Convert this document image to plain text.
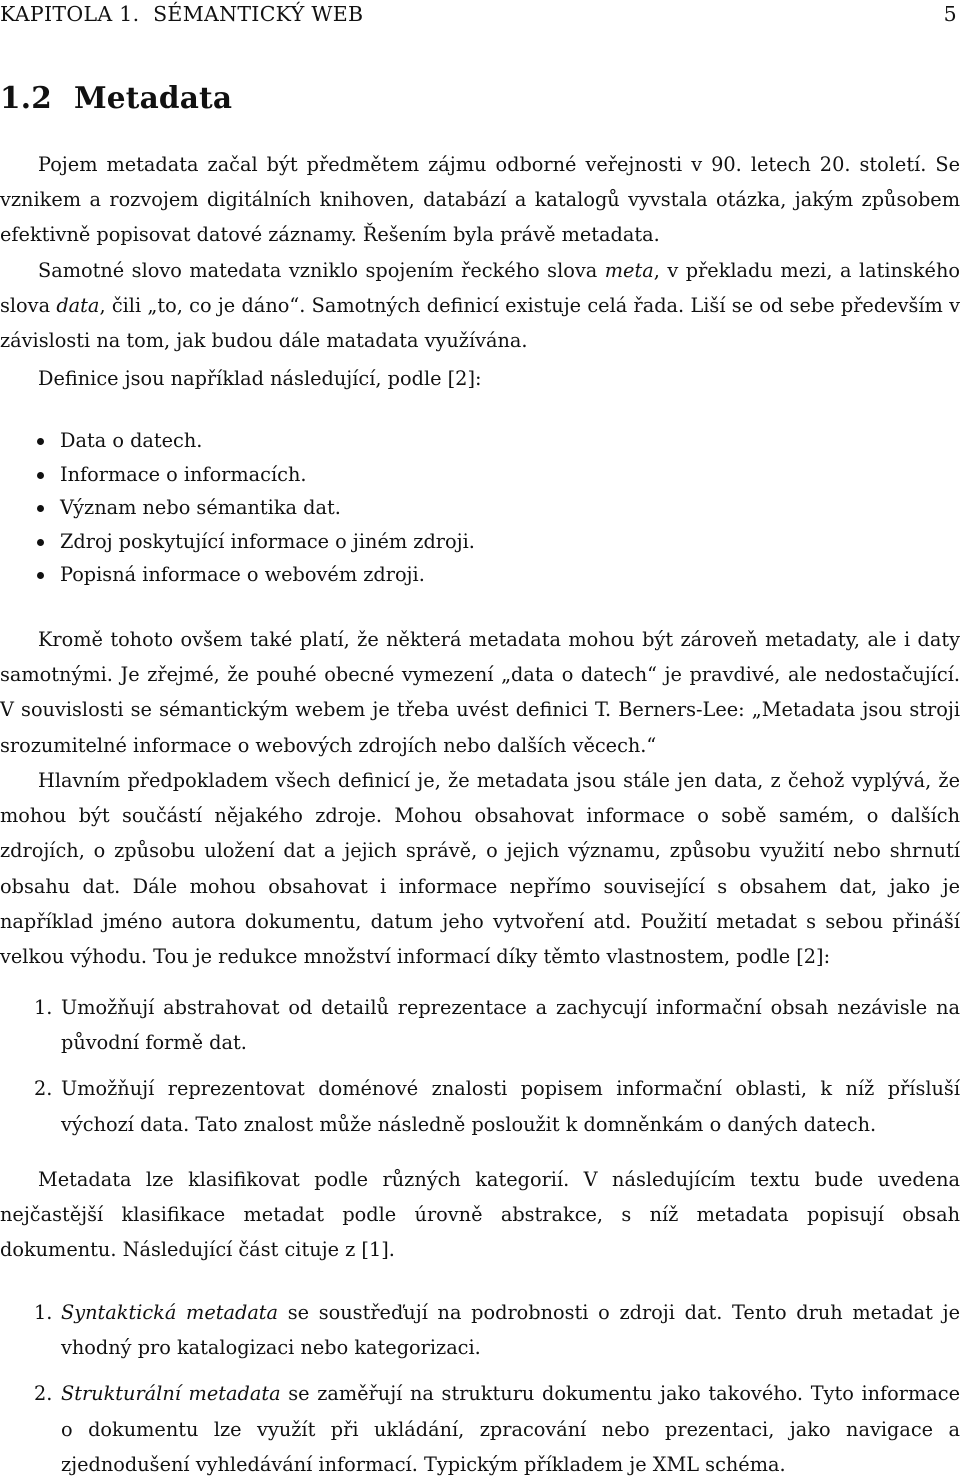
KAPITOLA 1.  SÉMANTICKÝ WEB	5
1.2 Metadata

Pojem metadata začal být předmětem zájmu odborné veřejnosti v 90. letech 20. století. Se vznikem a rozvojem digitálních knihoven, databází a katalogů vyvstala otázka, jakým způsobem efektivně popisovat datové záznamy. Řešením byla právě metadata.

Samotné slovo matedata vzniklo spojením řeckého slova meta, v překladu mezi, a latinského slova data, čili „to, co je dáno“. Samotných definicí existuje celá řada. Liší se od sebe především v závislosti na tom, jak budou dále matadata využívána.

Definice jsou například následující, podle [2]:

Data o datech.
Informace o informacích.
Význam nebo sémantika dat.
Zdroj poskytující informace o jiném zdroji.
Popisná informace o webovém zdroji.

Kromě tohoto ovšem také platí, že některá metadata mohou být zároveň metadaty, ale i daty samotnými. Je zřejmé, že pouhé obecné vymezení „data o datech“ je pravdivé, ale nedostačující. V souvislosti se sémantickým webem je třeba uvést definici T. Berners-Lee: „Metadata jsou stroji srozumitelné informace o webových zdrojích nebo dalších věcech.“

Hlavním předpokladem všech definicí je, že metadata jsou stále jen data, z čehož vyplývá, že mohou být součástí nějakého zdroje. Mohou obsahovat informace o sobě samém, o dalších zdrojích, o způsobu uložení dat a jejich správě, o jejich významu, způsobu využití nebo shrnutí obsahu dat. Dále mohou obsahovat i informace nepřímo související s obsahem dat, jako je například jméno autora dokumentu, datum jeho vytvoření atd. Použití metadat s sebou přináší velkou výhodu. Tou je redukce množství informací díky těmto vlastnostem, podle [2]:

1. Umožňují abstrahovat od detailů reprezentace a zachycují informační obsah nezávisle na původní formě dat.
2. Umožňují reprezentovat doménové znalosti popisem informační oblasti, k níž přísluší výchozí data. Tato znalost může následně posloužit k domněnkám o daných datech.

Metadata lze klasifikovat podle různých kategorií. V následujícím textu bude uvedena nejčastější klasifikace metadat podle úrovně abstrakce, s níž metadata popisují obsah dokumentu. Následující část cituje z [1].

1. Syntaktická metadata se soustřeďují na podrobnosti o zdroji dat. Tento druh metadat je vhodný pro katalogizaci nebo kategorizaci.
2. Strukturální metadata se zaměřují na strukturu dokumentu jako takového. Tyto informace o dokumentu lze využít při ukládání, zpracování nebo prezentaci, jako navigace a zjednodušení vyhledávání informací. Typickým příkladem je XML schéma.
